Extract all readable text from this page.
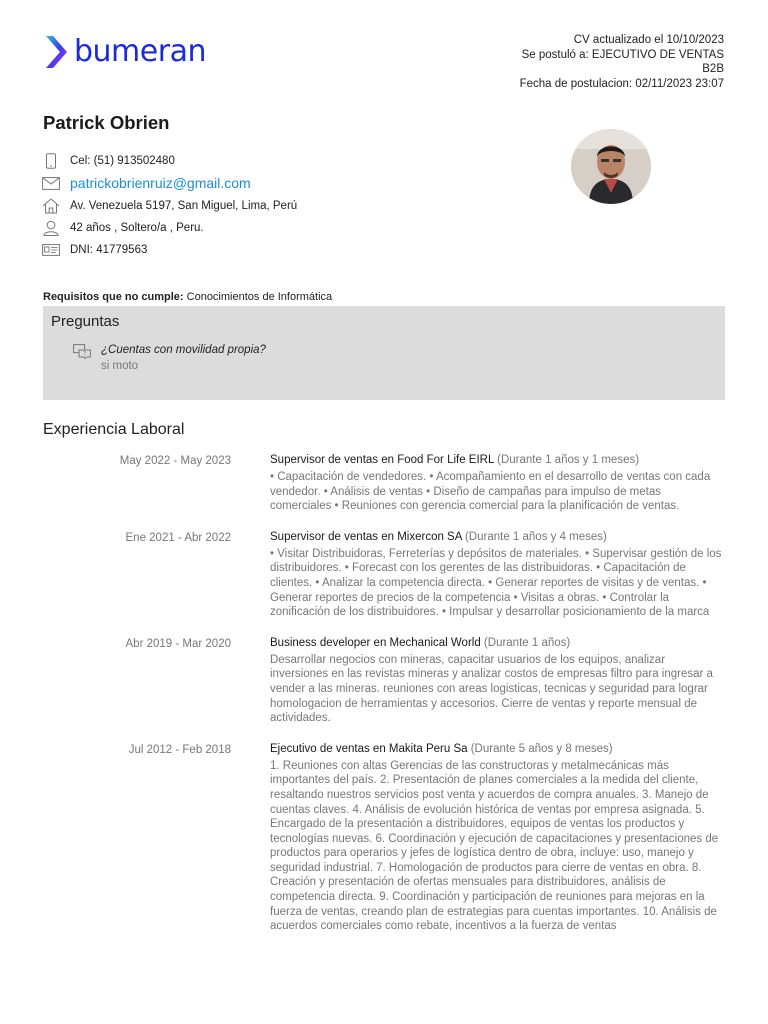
bumeran	CV actualizado el 10/10/2023
Se postuló a: EJECUTIVO DE VENTAS
B2B
Fecha de postulacion: 02/11/2023 23:07
Patrick Obrien
Cel: (51) 913502480
patrickobrienruiz@gmail.com
Av. Venezuela 5197, San Miguel, Lima, Perú
42 años , Soltero/a , Peru.
DNI: 41779563
Requisitos que no cumple: Conocimientos de Informática
Preguntas
? ¿Cuentas con movilidad propia?
si moto
Experiencia Laboral
May 2022 - May 2023	Supervisor de ventas en Food For Life EIRL (Durante 1 años y 1 meses)
• Capacitación de vendedores. • Acompañamiento en el desarrollo de ventas con cada vendedor. • Análisis de ventas • Diseño de campañas para impulso de metas comerciales • Reuniones con gerencia comercial para la planificación de ventas.
Ene 2021 - Abr 2022	Supervisor de ventas en Mixercon SA (Durante 1 años y 4 meses)
• Visitar Distribuidoras, Ferreterías y depósitos de materiales. • Supervisar gestión de los distribuidores. • Forecast con los gerentes de las distribuidoras. • Capacitación de clientes. • Analizar la competencia directa. • Generar reportes de visitas y de ventas. • Generar reportes de precios de la competencia • Visitas a obras. • Controlar la zonificación de los distribuidores. • Impulsar y desarrollar posicionamiento de la marca
Abr 2019 - Mar 2020	Business developer en Mechanical World (Durante 1 años)
Desarrollar negocios con mineras, capacitar usuarios de los equipos, analizar inversiones en las revistas mineras y analizar costos de empresas filtro para ingresar a vender a las mineras. reuniones con areas logisticas, tecnicas y seguridad para lograr homologacion de herramientas y accesorios. Cierre de ventas y reporte mensual de actividades.
Jul 2012 - Feb 2018	Ejecutivo de ventas en Makita Peru Sa (Durante 5 años y 8 meses)
1. Reuniones con altas Gerencias de las constructoras y metalmecánicas más importantes del país. 2. Presentación de planes comerciales a la medida del cliente, resaltando nuestros servicios post venta y acuerdos de compra anuales. 3. Manejo de cuentas claves. 4. Análisis de evolución histórica de ventas por empresa asignada. 5. Encargado de la presentación a distribuidores, equipos de ventas los productos y tecnologías nuevas. 6. Coordinación y ejecución de capacitaciones y presentaciones de productos para operarios y jefes de logística dentro de obra, incluye: uso, manejo y seguridad industrial. 7. Homologación de productos para cierre de ventas en obra. 8. Creación y presentación de ofertas mensuales para distribuidores, análisis de competencia directa. 9. Coordinación y participación de reuniones para mejoras en la fuerza de ventas, creando plan de estrategias para cuentas importantes. 10. Análisis de acuerdos comerciales como rebate, incentivos a la fuerza de ventas
